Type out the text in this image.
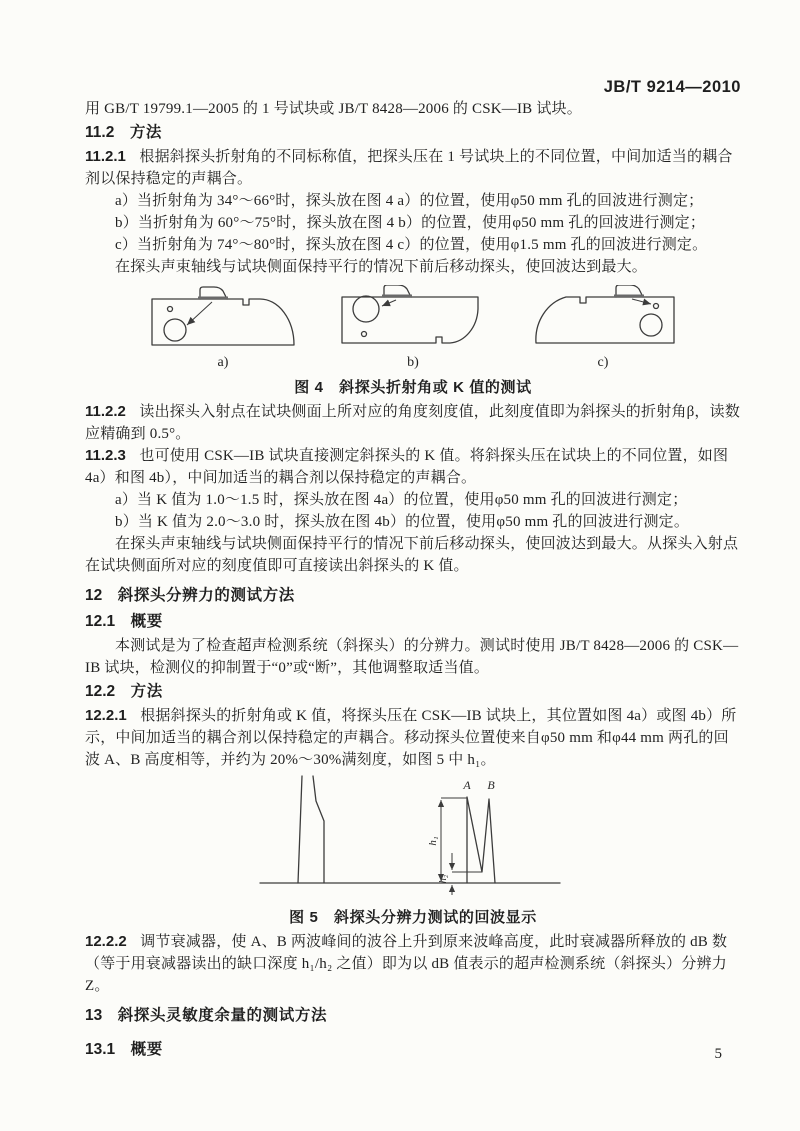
JB/T 9214—2010

用 GB/T 19799.1—2005 的 1 号试块或 JB/T 8428—2006 的 CSK—IB 试块。

11.2 方法

11.2.1 根据斜探头折射角的不同标称值，把探头压在 1 号试块上的不同位置，中间加适当的耦合剂以保持稳定的声耦合。

a）当折射角为 34°～66°时，探头放在图 4 a）的位置，使用φ50 mm 孔的回波进行测定；

b）当折射角为 60°～75°时，探头放在图 4 b）的位置，使用φ50 mm 孔的回波进行测定；

c）当折射角为 74°～80°时，探头放在图 4 c）的位置，使用φ1.5 mm 孔的回波进行测定。

在探头声束轴线与试块侧面保持平行的情况下前后移动探头，使回波达到最大。

a)	b)	c)
图 4　斜探头折射角或 K 值的测试

11.2.2 读出探头入射点在试块侧面上所对应的角度刻度值，此刻度值即为斜探头的折射角β，读数应精确到 0.5°。

11.2.3 也可使用 CSK—IB 试块直接测定斜探头的 K 值。将斜探头压在试块上的不同位置，如图 4a）和图 4b），中间加适当的耦合剂以保持稳定的声耦合。

a）当 K 值为 1.0～1.5 时，探头放在图 4a）的位置，使用φ50 mm 孔的回波进行测定；

b）当 K 值为 2.0～3.0 时，探头放在图 4b）的位置，使用φ50 mm 孔的回波进行测定。

在探头声束轴线与试块侧面保持平行的情况下前后移动探头，使回波达到最大。从探头入射点在试块侧面所对应的刻度值即可直接读出斜探头的 K 值。

12 斜探头分辨力的测试方法

12.1 概要

本测试是为了检查超声检测系统（斜探头）的分辨力。测试时使用 JB/T 8428—2006 的 CSK—IB 试块，检测仪的抑制置于“0”或“断”，其他调整取适当值。

12.2 方法

12.2.1 根据斜探头的折射角或 K 值，将探头压在 CSK—IB 试块上，其位置如图 4a）或图 4b）所示，中间加适当的耦合剂以保持稳定的声耦合。移动探头位置使来自φ50 mm 和φ44 mm 两孔的回波 A、B 高度相等，并约为 20%～30%满刻度，如图 5 中 h₁。

A B
h₁
h₂
图 5　斜探头分辨力测试的回波显示

12.2.2 调节衰减器，使 A、B 两波峰间的波谷上升到原来波峰高度，此时衰减器所释放的 dB 数（等于用衰减器读出的缺口深度 h₁/h₂ 之值）即为以 dB 值表示的超声检测系统（斜探头）分辨力 Z。

13 斜探头灵敏度余量的测试方法

13.1 概要	5
